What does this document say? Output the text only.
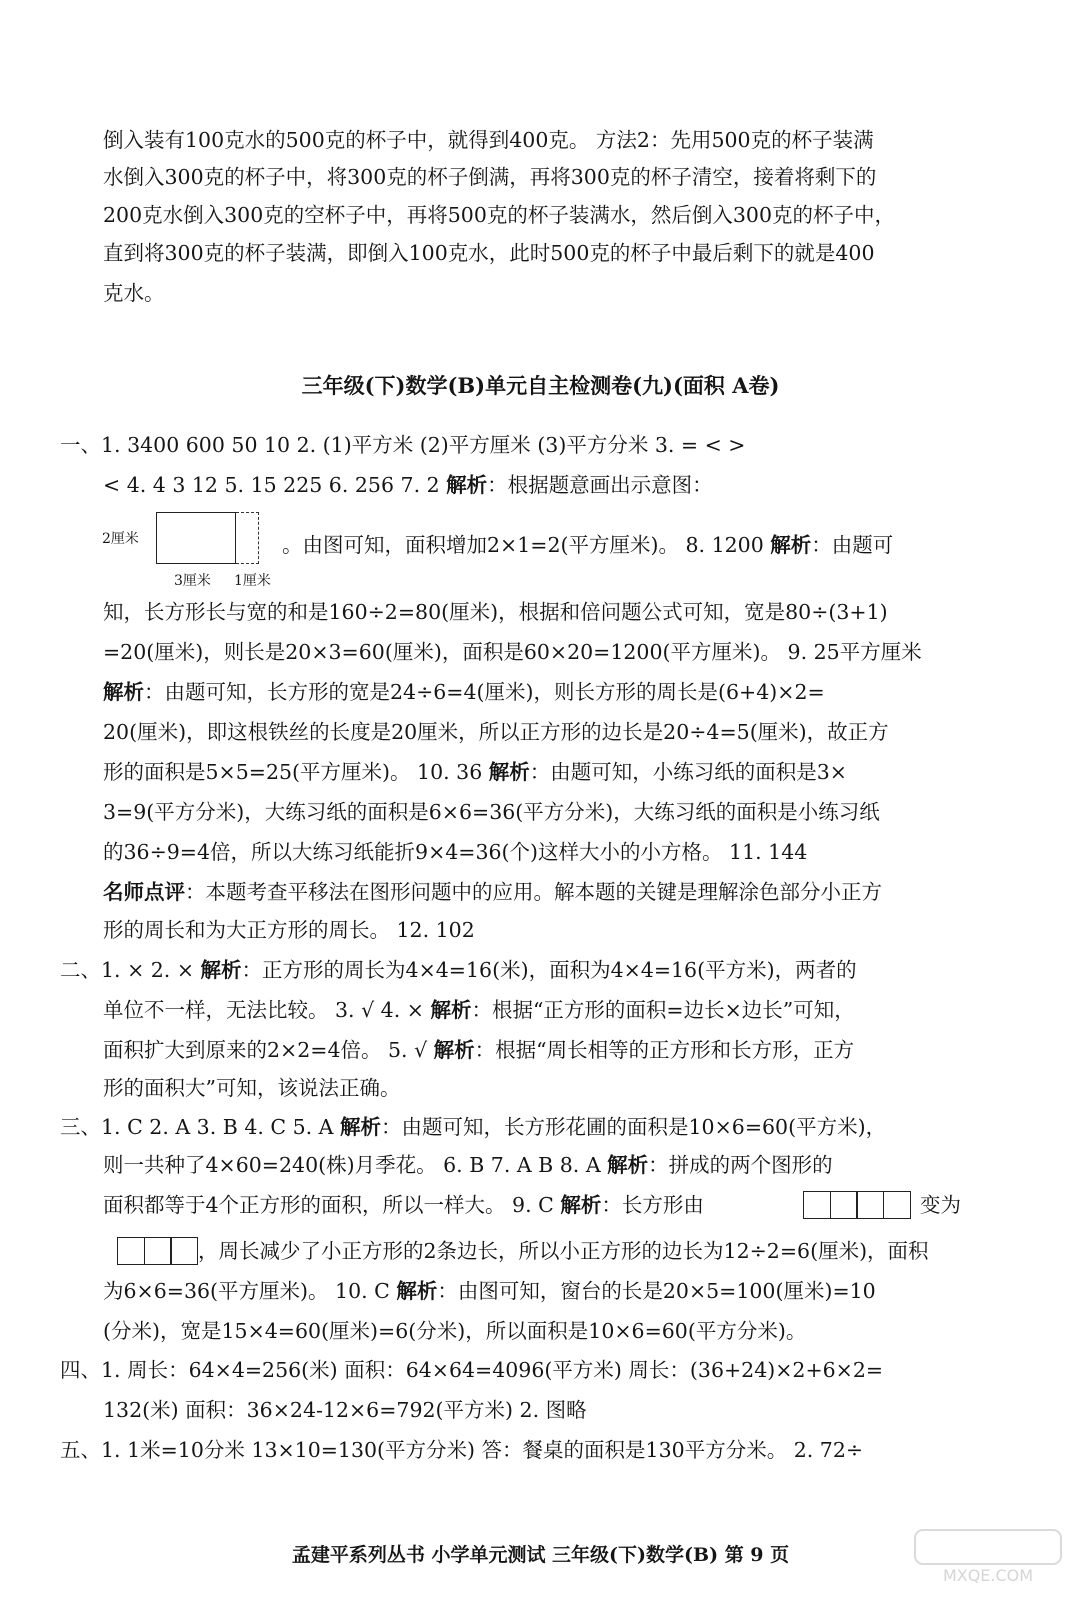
倒入装有100克水的500克的杯子中，就得到400克。 方法2：先用500克的杯子装满
水倒入300克的杯子中，将300克的杯子倒满，再将300克的杯子清空，接着将剩下的
200克水倒入300克的空杯子中，再将500克的杯子装满水，然后倒入300克的杯子中，
直到将300克的杯子装满，即倒入100克水，此时500克的杯子中最后剩下的就是400
克水。
三年级(下)数学(B)单元自主检测卷(九)(面积 A卷)
一、1. 3400 600 50 10 2. (1)平方米 (2)平方厘米 (3)平方分米 3. = < >
< 4. 4 3 12 5. 15 225 6. 256 7. 2 解析：根据题意画出示意图：
2厘米
3厘米 1厘米
。由图可知，面积增加2×1=2(平方厘米)。 8. 1200 解析：由题可
知，长方形长与宽的和是160÷2=80(厘米)，根据和倍问题公式可知，宽是80÷(3+1)
=20(厘米)，则长是20×3=60(厘米)，面积是60×20=1200(平方厘米)。 9. 25平方厘米
解析：由题可知，长方形的宽是24÷6=4(厘米)，则长方形的周长是(6+4)×2=
20(厘米)，即这根铁丝的长度是20厘米，所以正方形的边长是20÷4=5(厘米)，故正方
形的面积是5×5=25(平方厘米)。 10. 36 解析：由题可知，小练习纸的面积是3×
3=9(平方分米)，大练习纸的面积是6×6=36(平方分米)，大练习纸的面积是小练习纸
的36÷9=4倍，所以大练习纸能折9×4=36(个)这样大小的小方格。 11. 144
名师点评：本题考查平移法在图形问题中的应用。解本题的关键是理解涂色部分小正方
形的周长和为大正方形的周长。 12. 102
二、1. × 2. × 解析：正方形的周长为4×4=16(米)，面积为4×4=16(平方米)，两者的
单位不一样，无法比较。 3. √ 4. × 解析：根据“正方形的面积=边长×边长”可知，
面积扩大到原来的2×2=4倍。 5. √ 解析：根据“周长相等的正方形和长方形，正方
形的面积大”可知，该说法正确。
三、1. C 2. A 3. B 4. C 5. A 解析：由题可知，长方形花圃的面积是10×6=60(平方米)，
则一共种了4×60=240(株)月季花。 6. B 7. A B 8. A 解析：拼成的两个图形的
面积都等于4个正方形的面积，所以一样大。 9. C 解析：长方形由	变为
，周长减少了小正方形的2条边长，所以小正方形的边长为12÷2=6(厘米)，面积
为6×6=36(平方厘米)。 10. C 解析：由图可知，窗台的长是20×5=100(厘米)=10
(分米)，宽是15×4=60(厘米)=6(分米)，所以面积是10×6=60(平方分米)。
四、1. 周长：64×4=256(米) 面积：64×64=4096(平方米) 周长：(36+24)×2+6×2=
132(米) 面积：36×24-12×6=792(平方米) 2. 图略
五、1. 1米=10分米 13×10=130(平方分米) 答：餐桌的面积是130平方分米。 2. 72÷
孟建平系列丛书 小学单元测试 三年级(下)数学(B) 第 9 页
MXQE.COM
